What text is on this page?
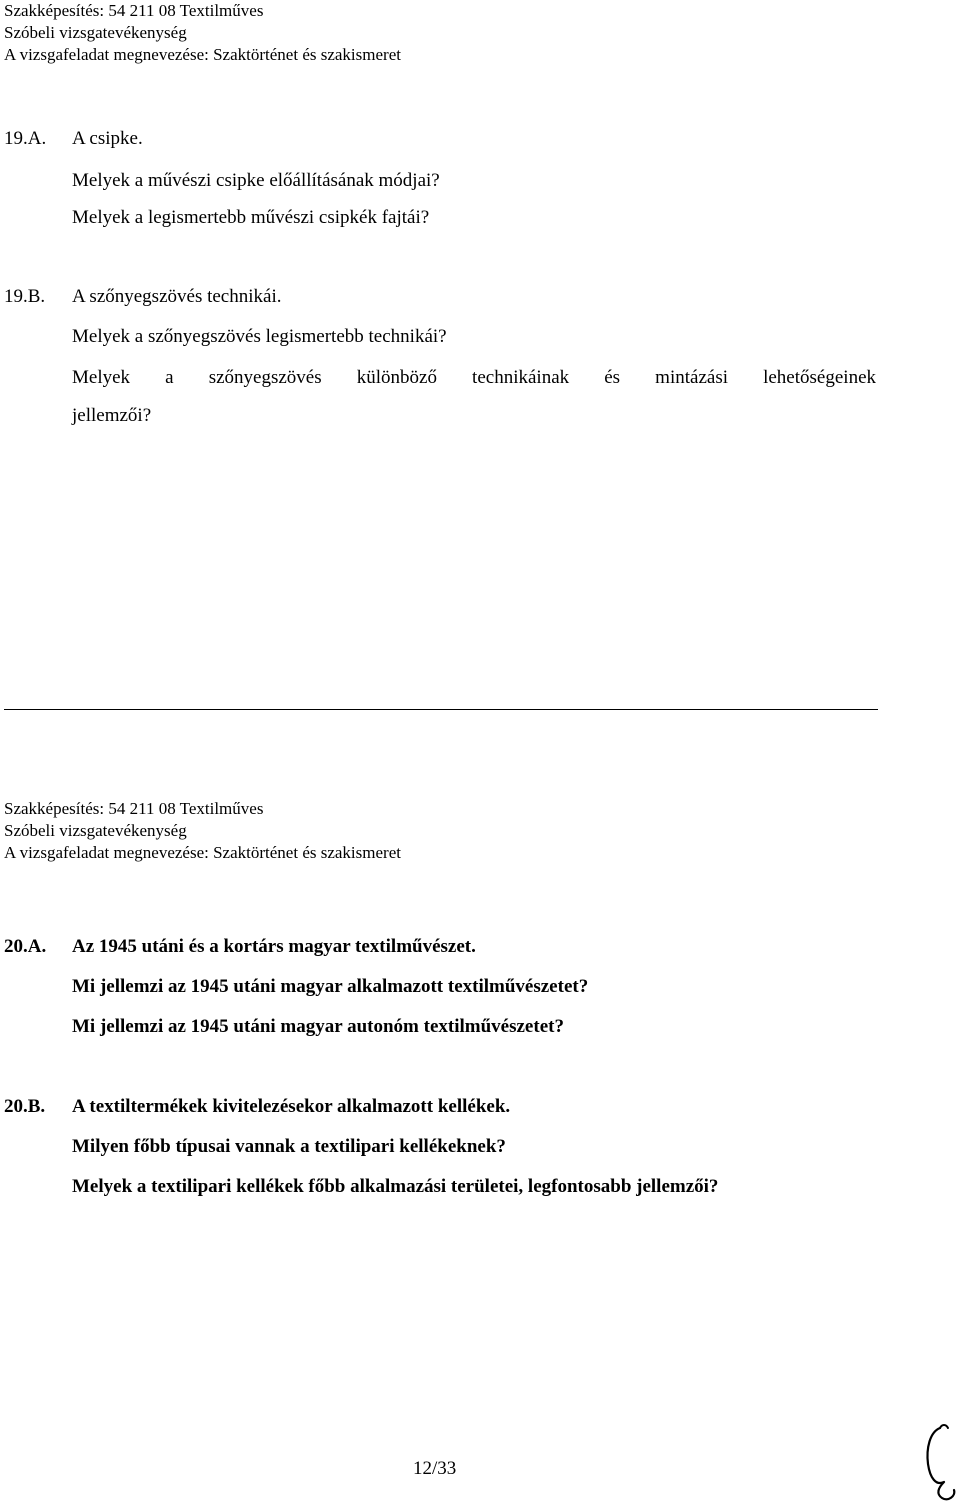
Szakképesítés: 54 211 08 Textilműves
Szóbeli vizsgatevékenység
A vizsgafeladat megnevezése: Szaktörténet és szakismeret
19.A. A csipke.
Melyek a művészi csipke előállításának módjai?
Melyek a legismertebb művészi csipkék fajtái?
19.B. A szőnyegszövés technikái.
Melyek a szőnyegszövés legismertebb technikái?
Melyek a szőnyegszövés különböző technikáinak és mintázási lehetőségeinek
jellemzői?
Szakképesítés: 54 211 08 Textilműves
Szóbeli vizsgatevékenység
A vizsgafeladat megnevezése: Szaktörténet és szakismeret
20.A. Az 1945 utáni és a kortárs magyar textilművészet.
Mi jellemzi az 1945 utáni magyar alkalmazott textilművészetet?
Mi jellemzi az 1945 utáni magyar autonóm textilművészetet?
20.B. A textiltermékek kivitelezésekor alkalmazott kellékek.
Milyen főbb típusai vannak a textilipari kellékeknek?
Melyek a textilipari kellékek főbb alkalmazási területei, legfontosabb jellemzői?
12/33
